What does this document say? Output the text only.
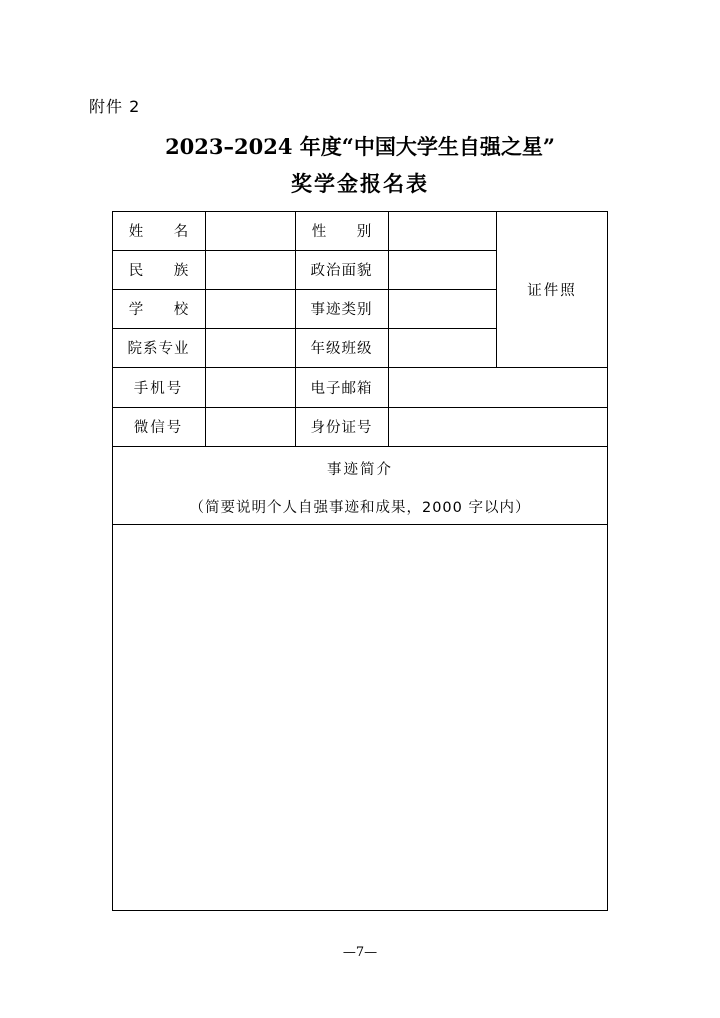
附件 2
2023–2024 年度“中国大学生自强之星”
奖学金报名表
姓 名
民 族
学 校
院系专业
手机号
微信号
性 别
政治面貌
事迹类别
年级班级
电子邮箱
身份证号
证件照
事迹简介
（简要说明个人自强事迹和成果，2000 字以内）
—7—
